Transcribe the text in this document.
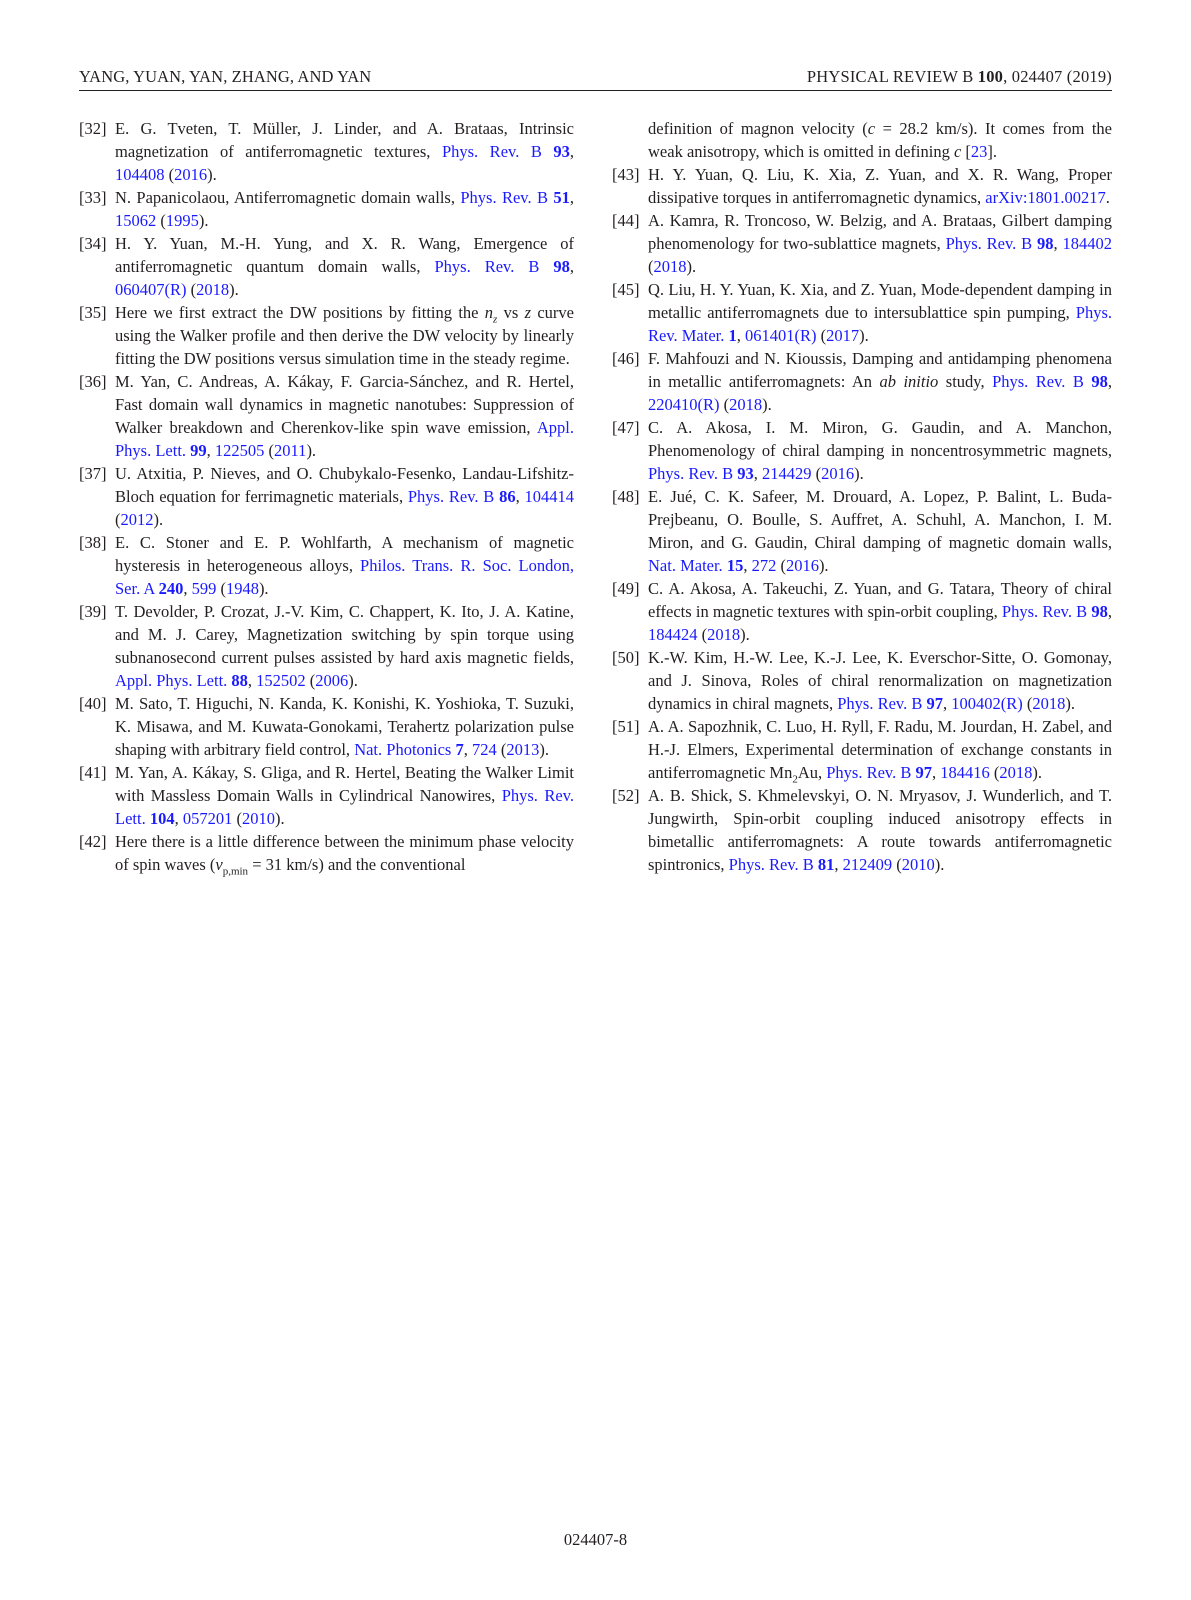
YANG, YUAN, YAN, ZHANG, AND YAN	PHYSICAL REVIEW B 100, 024407 (2019)
[32] E. G. Tveten, T. Müller, J. Linder, and A. Brataas, Intrinsic magnetization of antiferromagnetic textures, Phys. Rev. B 93, 104408 (2016).
[33] N. Papanicolaou, Antiferromagnetic domain walls, Phys. Rev. B 51, 15062 (1995).
[34] H. Y. Yuan, M.-H. Yung, and X. R. Wang, Emergence of antiferromagnetic quantum domain walls, Phys. Rev. B 98, 060407(R) (2018).
[35] Here we first extract the DW positions by fitting the $n_z$ vs z curve using the Walker profile and then derive the DW velocity by linearly fitting the DW positions versus simulation time in the steady regime.
[36] M. Yan, C. Andreas, A. Kákay, F. Garcia-Sánchez, and R. Hertel, Fast domain wall dynamics in magnetic nanotubes: Suppression of Walker breakdown and Cherenkov-like spin wave emission, Appl. Phys. Lett. 99, 122505 (2011).
[37] U. Atxitia, P. Nieves, and O. Chubykalo-Fesenko, Landau-Lifshitz-Bloch equation for ferrimagnetic materials, Phys. Rev. B 86, 104414 (2012).
[38] E. C. Stoner and E. P. Wohlfarth, A mechanism of magnetic hysteresis in heterogeneous alloys, Philos. Trans. R. Soc. London, Ser. A 240, 599 (1948).
[39] T. Devolder, P. Crozat, J.-V. Kim, C. Chappert, K. Ito, J. A. Katine, and M. J. Carey, Magnetization switching by spin torque using subnanosecond current pulses assisted by hard axis magnetic fields, Appl. Phys. Lett. 88, 152502 (2006).
[40] M. Sato, T. Higuchi, N. Kanda, K. Konishi, K. Yoshioka, T. Suzuki, K. Misawa, and M. Kuwata-Gonokami, Terahertz polarization pulse shaping with arbitrary field control, Nat. Photonics 7, 724 (2013).
[41] M. Yan, A. Kákay, S. Gliga, and R. Hertel, Beating the Walker Limit with Massless Domain Walls in Cylindrical Nanowires, Phys. Rev. Lett. 104, 057201 (2010).
[42] Here there is a little difference between the minimum phase velocity of spin waves ($v_{p,min} = 31$ km/s) and the conventional
definition of magnon velocity (c = 28.2 km/s). It comes from the weak anisotropy, which is omitted in defining c [23].
[43] H. Y. Yuan, Q. Liu, K. Xia, Z. Yuan, and X. R. Wang, Proper dissipative torques in antiferromagnetic dynamics, arXiv:1801.00217.
[44] A. Kamra, R. Troncoso, W. Belzig, and A. Brataas, Gilbert damping phenomenology for two-sublattice magnets, Phys. Rev. B 98, 184402 (2018).
[45] Q. Liu, H. Y. Yuan, K. Xia, and Z. Yuan, Mode-dependent damping in metallic antiferromagnets due to intersublattice spin pumping, Phys. Rev. Mater. 1, 061401(R) (2017).
[46] F. Mahfouzi and N. Kioussis, Damping and antidamping phenomena in metallic antiferromagnets: An ab initio study, Phys. Rev. B 98, 220410(R) (2018).
[47] C. A. Akosa, I. M. Miron, G. Gaudin, and A. Manchon, Phenomenology of chiral damping in noncentrosymmetric magnets, Phys. Rev. B 93, 214429 (2016).
[48] E. Jué, C. K. Safeer, M. Drouard, A. Lopez, P. Balint, L. Buda-Prejbeanu, O. Boulle, S. Auffret, A. Schuhl, A. Manchon, I. M. Miron, and G. Gaudin, Chiral damping of magnetic domain walls, Nat. Mater. 15, 272 (2016).
[49] C. A. Akosa, A. Takeuchi, Z. Yuan, and G. Tatara, Theory of chiral effects in magnetic textures with spin-orbit coupling, Phys. Rev. B 98, 184424 (2018).
[50] K.-W. Kim, H.-W. Lee, K.-J. Lee, K. Everschor-Sitte, O. Gomonay, and J. Sinova, Roles of chiral renormalization on magnetization dynamics in chiral magnets, Phys. Rev. B 97, 100402(R) (2018).
[51] A. A. Sapozhnik, C. Luo, H. Ryll, F. Radu, M. Jourdan, H. Zabel, and H.-J. Elmers, Experimental determination of exchange constants in antiferromagnetic $Mn_2Au$, Phys. Rev. B 97, 184416 (2018).
[52] A. B. Shick, S. Khmelevskyi, O. N. Mryasov, J. Wunderlich, and T. Jungwirth, Spin-orbit coupling induced anisotropy effects in bimetallic antiferromagnets: A route towards antiferromagnetic spintronics, Phys. Rev. B 81, 212409 (2010).
024407-8
